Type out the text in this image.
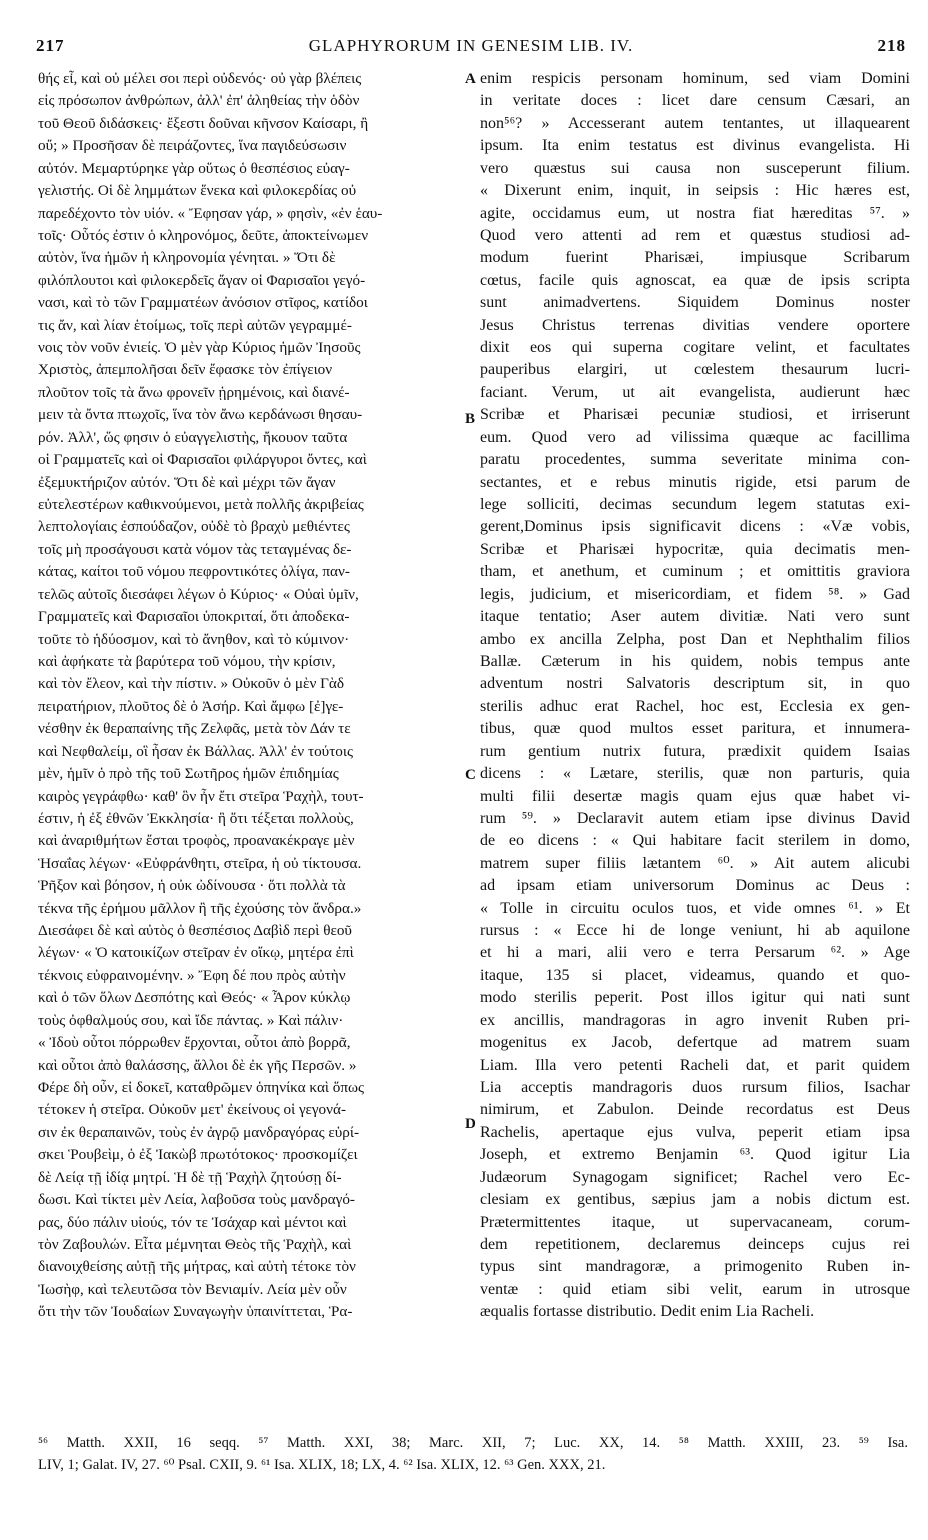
217	GLAPHYRORUM IN GENESIM LIB. IV.	218
θής εἶ, καὶ οὐ μέλει σοι περὶ οὐδενός· οὐ γὰρ βλέπεις
εἰς πρόσωπον ἀνθρώπων, ἀλλ' ἐπ' ἀληθείας τὴν ὁδὸν
τοῦ Θεοῦ διδάσκεις· ἔξεστι δοῦναι κῆνσον Καίσαρι, ἢ
οὔ; » Προσῆσαν δὲ πειράζοντες, ἵνα παγιδεύσωσιν
αὐτόν. Μεμαρτύρηκε γὰρ οὕτως ὁ θεσπέσιος εὐαγ-
γελιστής. Οἱ δὲ λημμάτων ἕνεκα καὶ φιλοκερδίας οὐ
παρεδέχοντο τὸν υἱόν. « Ἔφησαν γάρ, » φησὶν, «ἐν ἑαυ-
τοῖς· Οὗτός ἐστιν ὁ κληρονόμος, δεῦτε, ἀποκτείνωμεν
αὐτὸν, ἵνα ἡμῶν ἡ κληρονομία γένηται. » Ὅτι δὲ
φιλόπλουτοι καὶ φιλοκερδεῖς ἄγαν οἱ Φαρισαῖοι γεγό-
νασι, καὶ τὸ τῶν Γραμματέων ἀνόσιον στῖφος, κατίδοι
τις ἄν, καὶ λίαν ἑτοίμως, τοῖς περὶ αὐτῶν γεγραμμέ-
νοις τὸν νοῦν ἐνιείς. Ὁ μὲν γὰρ Κύριος ἡμῶν Ἰησοῦς
Χριστὸς, ἀπεμπολῆσαι δεῖν ἔφασκε τὸν ἐπίγειον
πλοῦτον τοῖς τὰ ἄνω φρονεῖν ᾑρημένοις, καὶ διανέ-
μειν τὰ ὄντα πτωχοῖς, ἵνα τὸν ἄνω κερδάνωσι θησαυ-
ρόν. Ἀλλ', ὥς φησιν ὁ εὐαγγελιστὴς, ἤκουον ταῦτα
οἱ Γραμματεῖς καὶ οἱ Φαρισαῖοι φιλάργυροι ὄντες, καὶ
ἐξεμυκτήριζον αὐτόν. Ὅτι δὲ καὶ μέχρι τῶν ἄγαν
εὐτελεστέρων καθικνούμενοι, μετὰ πολλῆς ἀκριβείας
λεπτολογίαις ἐσπούδαζον, οὐδὲ τὸ βραχὺ μεθιέντες
τοῖς μὴ προσάγουσι κατὰ νόμον τὰς τεταγμένας δε-
κάτας, καίτοι τοῦ νόμου πεφροντικότες ὀλίγα, παν-
τελῶς αὐτοῖς διεσάφει λέγων ὁ Κύριος· « Οὐαὶ ὑμῖν,
Γραμματεῖς καὶ Φαρισαῖοι ὑποκριταί, ὅτι ἀποδεκα-
τοῦτε τὸ ἡδύοσμον, καὶ τὸ ἄνηθον, καὶ τὸ κύμινον·
καὶ ἀφήκατε τὰ βαρύτερα τοῦ νόμου, τὴν κρίσιν,
καὶ τὸν ἔλεον, καὶ τὴν πίστιν. » Οὐκοῦν ὁ μὲν Γὰδ
πειρατήριον, πλοῦτος δὲ ὁ Ἀσήρ. Καὶ ἄμφω [ἐ]γε-
νέσθην ἐκ θεραπαίνης τῆς Ζελφᾶς, μετὰ τὸν Δάν τε
καὶ Νεφθαλείμ, οἳ ἦσαν ἐκ Βάλλας. Ἀλλ' ἐν τούτοις
μὲν, ἡμῖν ὁ πρὸ τῆς τοῦ Σωτῆρος ἡμῶν ἐπιδημίας
καιρὸς γεγράφθω· καθ' ὃν ἦν ἔτι στεῖρα Ῥαχὴλ, τουτ-
έστιν, ἡ ἐξ ἐθνῶν Ἐκκλησία· ἣ ὅτι τέξεται πολλοὺς,
καὶ ἀναριθμήτων ἔσται τροφὸς, προανακέκραγε μὲν
Ἡσαΐας λέγων· «Εὐφράνθητι, στεῖρα, ἡ οὐ τίκτουσα.
Ῥῆξον καὶ βόησον, ἡ οὐκ ὠδίνουσα · ὅτι πολλὰ τὰ
τέκνα τῆς ἐρήμου μᾶλλον ἢ τῆς ἐχούσης τὸν ἄνδρα.»
Διεσάφει δὲ καὶ αὐτὸς ὁ θεσπέσιος Δαβὶδ περὶ θεοῦ
λέγων· « Ὁ κατοικίζων στεῖραν ἐν οἴκῳ, μητέρα ἐπὶ
τέκνοις εὐφραινομένην. » Ἔφη δέ που πρὸς αὐτὴν
καὶ ὁ τῶν ὅλων Δεσπότης καὶ Θεός· « Ἆρον κύκλῳ
τοὺς ὀφθαλμούς σου, καὶ ἴδε πάντας. » Καὶ πάλιν·
« Ἰδοὺ οὗτοι πόρρωθεν ἔρχονται, οὗτοι ἀπὸ βορρᾶ,
καὶ οὗτοι ἀπὸ θαλάσσης, ἄλλοι δὲ ἐκ γῆς Περσῶν. »
Φέρε δὴ οὖν, εἰ δοκεῖ, καταθρῶμεν ὁπηνίκα καὶ ὅπως
τέτοκεν ἡ στεῖρα. Οὐκοῦν μετ' ἐκείνους οἱ γεγονά-
σιν ἐκ θεραπαινῶν, τοὺς ἐν ἀγρῷ μανδραγόρας εὑρί-
σκει Ῥουβεὶμ, ὁ ἐξ Ἰακὼβ πρωτότοκος· προσκομίζει
δὲ Λείᾳ τῇ ἰδίᾳ μητρί. Ἡ δὲ τῇ Ῥαχὴλ ζητούσῃ δί-
δωσι. Καὶ τίκτει μὲν Λεία, λαβοῦσα τοὺς μανδραγό-
ρας, δύο πάλιν υἱούς, τόν τε Ἰσάχαρ καὶ μέντοι καὶ
τὸν Ζαβουλών. Εἶτα μέμνηται Θεὸς τῆς Ῥαχὴλ, καὶ
διανοιχθείσης αὐτῇ τῆς μήτρας, καὶ αὐτὴ τέτοκε τὸν
Ἰωσὴφ, καὶ τελευτῶσα τὸν Βενιαμίν. Λεία μὲν οὖν
ὅτι τὴν τῶν Ἰουδαίων Συναγωγὴν ὑπαινίττεται, Ῥα-
enim respicis personam hominum, sed viam Domini
in veritate doces : licet dare censum Cæsari, an
non⁵⁶? » Accesserant autem tentantes, ut illaquearent
ipsum. Ita enim testatus est divinus evangelista. Hi
vero quæstus sui causa non susceperunt filium.
« Dixerunt enim, inquit, in seipsis : Hic hæres est,
agite, occidamus eum, ut nostra fiat hæreditas ⁵⁷. »
Quod vero attenti ad rem et quæstus studiosi ad-
modum fuerint Pharisæi, impiusque Scribarum
cœtus, facile quis agnoscat, ea quæ de ipsis scripta
sunt animadvertens. Siquidem Dominus noster
Jesus Christus terrenas divitias vendere oportere
dixit eos qui superna cogitare velint, et facultates
pauperibus elargiri, ut cœlestem thesaurum lucri-
faciant. Verum, ut ait evangelista, audierunt hæc
Scribæ et Pharisæi pecuniæ studiosi, et irriserunt
eum. Quod vero ad vilissima quæque ac facillima
paratu procedentes, summa severitate minima con-
sectantes, et e rebus minutis rigide, etsi parum de
lege solliciti, decimas secundum legem statutas exi-
gerent,Dominus ipsis significavit dicens : «Væ vobis,
Scribæ et Pharisæi hypocritæ, quia decimatis men-
tham, et anethum, et cuminum ; et omittitis graviora
legis, judicium, et misericordiam, et fidem ⁵⁸. » Gad
itaque tentatio; Aser autem divitiæ. Nati vero sunt
ambo ex ancilla Zelpha, post Dan et Nephthalim filios
Ballæ. Cæterum in his quidem, nobis tempus ante
adventum nostri Salvatoris descriptum sit, in quo
sterilis adhuc erat Rachel, hoc est, Ecclesia ex gen-
tibus, quæ quod multos esset paritura, et innumera-
rum gentium nutrix futura, prædixit quidem Isaias
dicens : « Lætare, sterilis, quæ non parturis, quia
multi filii desertæ magis quam ejus quæ habet vi-
rum ⁵⁹. » Declaravit autem etiam ipse divinus David
de eo dicens : « Qui habitare facit sterilem in domo,
matrem super filiis lætantem ⁶⁰. » Ait autem alicubi
ad ipsam etiam universorum Dominus ac Deus :
« Tolle in circuitu oculos tuos, et vide omnes ⁶¹. » Et
rursus : « Ecce hi de longe veniunt, hi ab aquilone
et hi a mari, alii vero e terra Persarum ⁶². » Age
itaque, 135 si placet, videamus, quando et quo-
modo sterilis peperit. Post illos igitur qui nati sunt
ex ancillis, mandragoras in agro invenit Ruben pri-
mogenitus ex Jacob, defertque ad matrem suam
Liam. Illa vero petenti Racheli dat, et parit quidem
Lia acceptis mandragoris duos rursum filios, Isachar
nimirum, et Zabulon. Deinde recordatus est Deus
Rachelis, apertaque ejus vulva, peperit etiam ipsa
Joseph, et extremo Benjamin ⁶³. Quod igitur Lia
Judæorum Synagogam significet; Rachel vero Ec-
clesiam ex gentibus, sæpius jam a nobis dictum est.
Prætermittentes itaque, ut supervacaneam, corum-
dem repetitionem, declaremus deinceps cujus rei
typus sint mandragoræ, a primogenito Ruben in-
ventæ : quid etiam sibi velit, earum in utrosque
æqualis fortasse distributio. Dedit enim Lia Racheli.
A
B
C
D
⁵⁶ Matth. XXII, 16 seqq. ⁵⁷ Matth. XXI, 38; Marc. XII, 7; Luc. XX, 14. ⁵⁸ Matth. XXIII, 23. ⁵⁹ Isa.
LIV, 1; Galat. IV, 27. ⁶⁰ Psal. CXII, 9. ⁶¹ Isa. XLIX, 18; LX, 4. ⁶² Isa. XLIX, 12. ⁶³ Gen. XXX, 21.
